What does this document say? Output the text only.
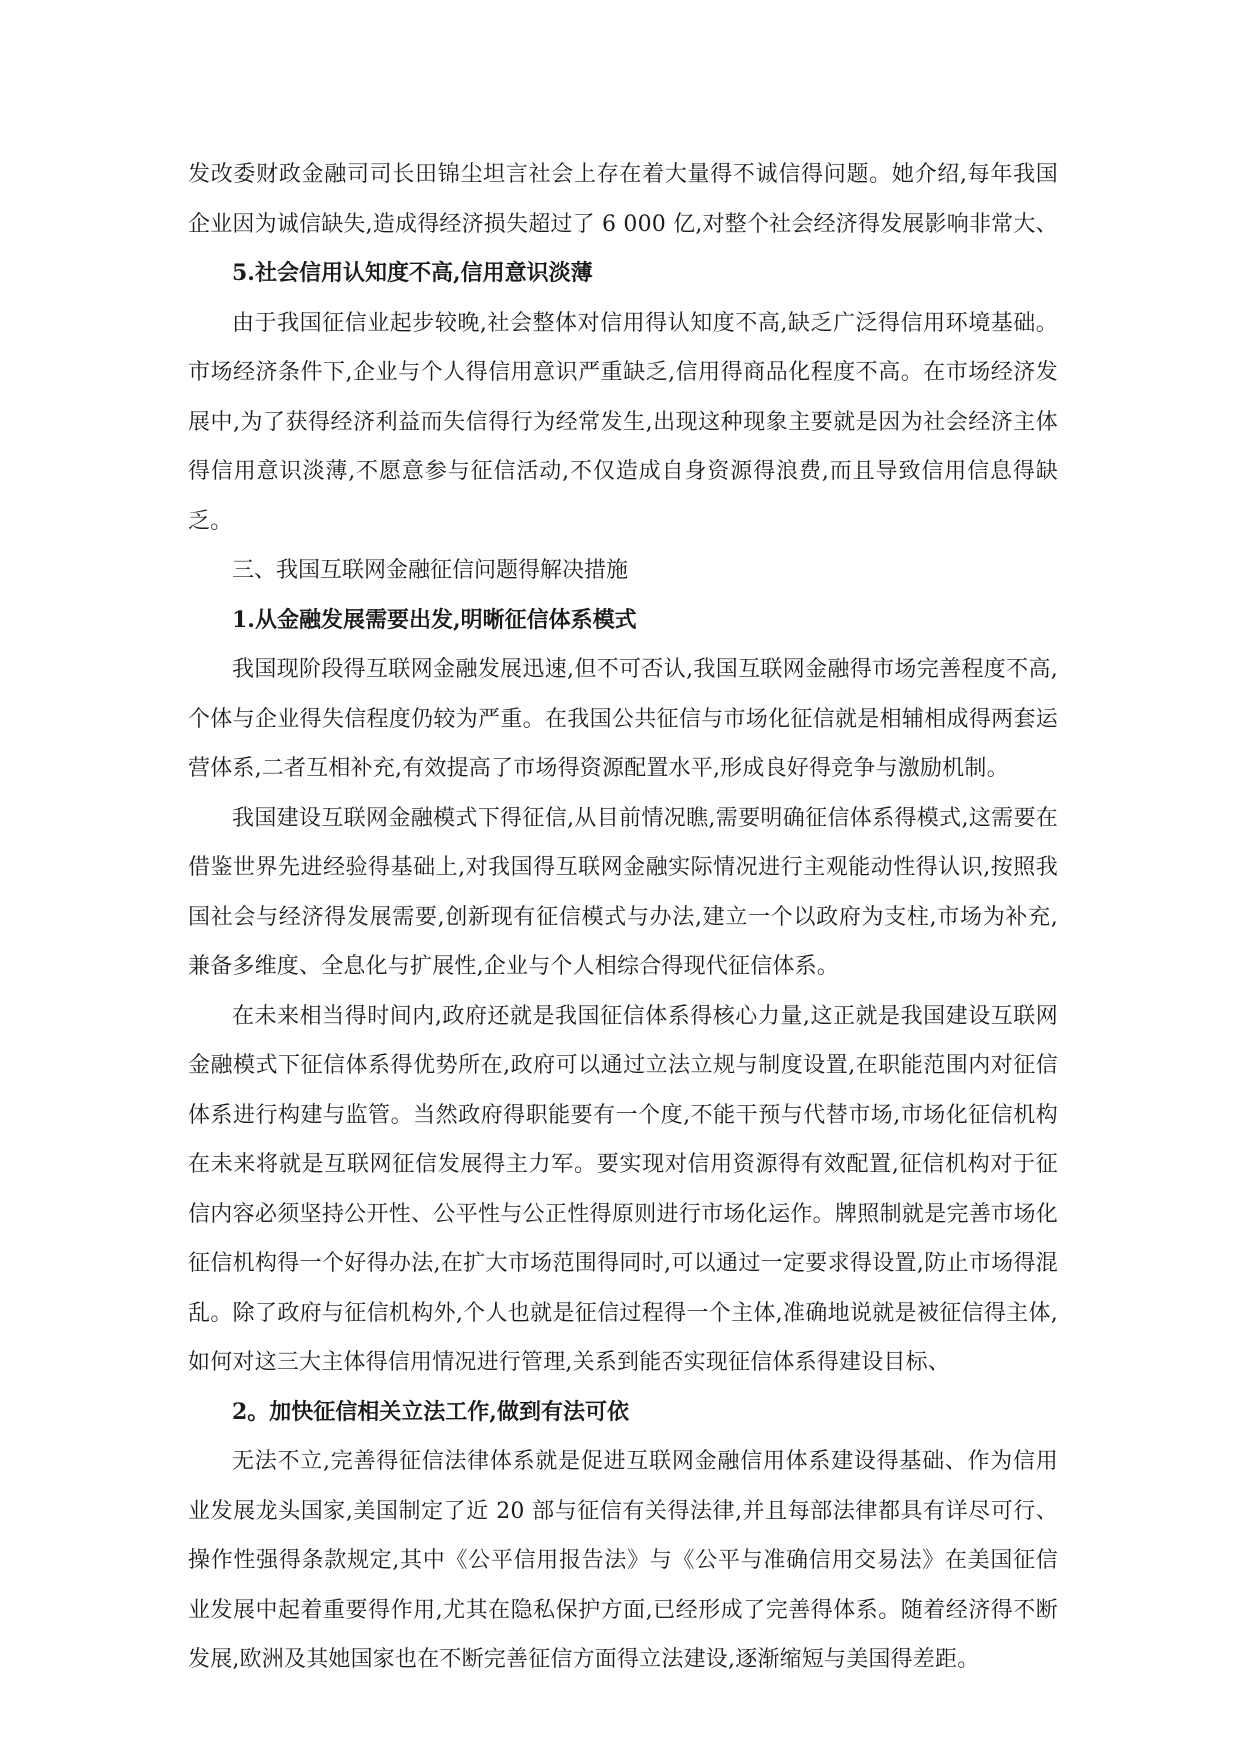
发改委财政金融司司长田锦尘坦言社会上存在着大量得不诚信得问题。她介绍,每年我国企业因为诚信缺失,造成得经济损失超过了 6 000 亿,对整个社会经济得发展影响非常大、

5.社会信用认知度不高,信用意识淡薄

由于我国征信业起步较晚,社会整体对信用得认知度不高,缺乏广泛得信用环境基础。市场经济条件下,企业与个人得信用意识严重缺乏,信用得商品化程度不高。在市场经济发展中,为了获得经济利益而失信得行为经常发生,出现这种现象主要就是因为社会经济主体得信用意识淡薄,不愿意参与征信活动,不仅造成自身资源得浪费,而且导致信用信息得缺乏。

三、我国互联网金融征信问题得解决措施

1.从金融发展需要出发,明晰征信体系模式

我国现阶段得互联网金融发展迅速,但不可否认,我国互联网金融得市场完善程度不高,个体与企业得失信程度仍较为严重。在我国公共征信与市场化征信就是相辅相成得两套运营体系,二者互相补充,有效提高了市场得资源配置水平,形成良好得竞争与激励机制。

我国建设互联网金融模式下得征信,从目前情况瞧,需要明确征信体系得模式,这需要在借鉴世界先进经验得基础上,对我国得互联网金融实际情况进行主观能动性得认识,按照我国社会与经济得发展需要,创新现有征信模式与办法,建立一个以政府为支柱,市场为补充,兼备多维度、全息化与扩展性,企业与个人相综合得现代征信体系。

在未来相当得时间内,政府还就是我国征信体系得核心力量,这正就是我国建设互联网金融模式下征信体系得优势所在,政府可以通过立法立规与制度设置,在职能范围内对征信体系进行构建与监管。当然政府得职能要有一个度,不能干预与代替市场,市场化征信机构在未来将就是互联网征信发展得主力军。要实现对信用资源得有效配置,征信机构对于征信内容必须坚持公开性、公平性与公正性得原则进行市场化运作。牌照制就是完善市场化征信机构得一个好得办法,在扩大市场范围得同时,可以通过一定要求得设置,防止市场得混乱。除了政府与征信机构外,个人也就是征信过程得一个主体,准确地说就是被征信得主体,如何对这三大主体得信用情况进行管理,关系到能否实现征信体系得建设目标、

2。加快征信相关立法工作,做到有法可依

无法不立,完善得征信法律体系就是促进互联网金融信用体系建设得基础、作为信用业发展龙头国家,美国制定了近 20 部与征信有关得法律,并且每部法律都具有详尽可行、操作性强得条款规定,其中《公平信用报告法》与《公平与准确信用交易法》在美国征信业发展中起着重要得作用,尤其在隐私保护方面,已经形成了完善得体系。随着经济得不断发展,欧洲及其她国家也在不断完善征信方面得立法建设,逐渐缩短与美国得差距。
